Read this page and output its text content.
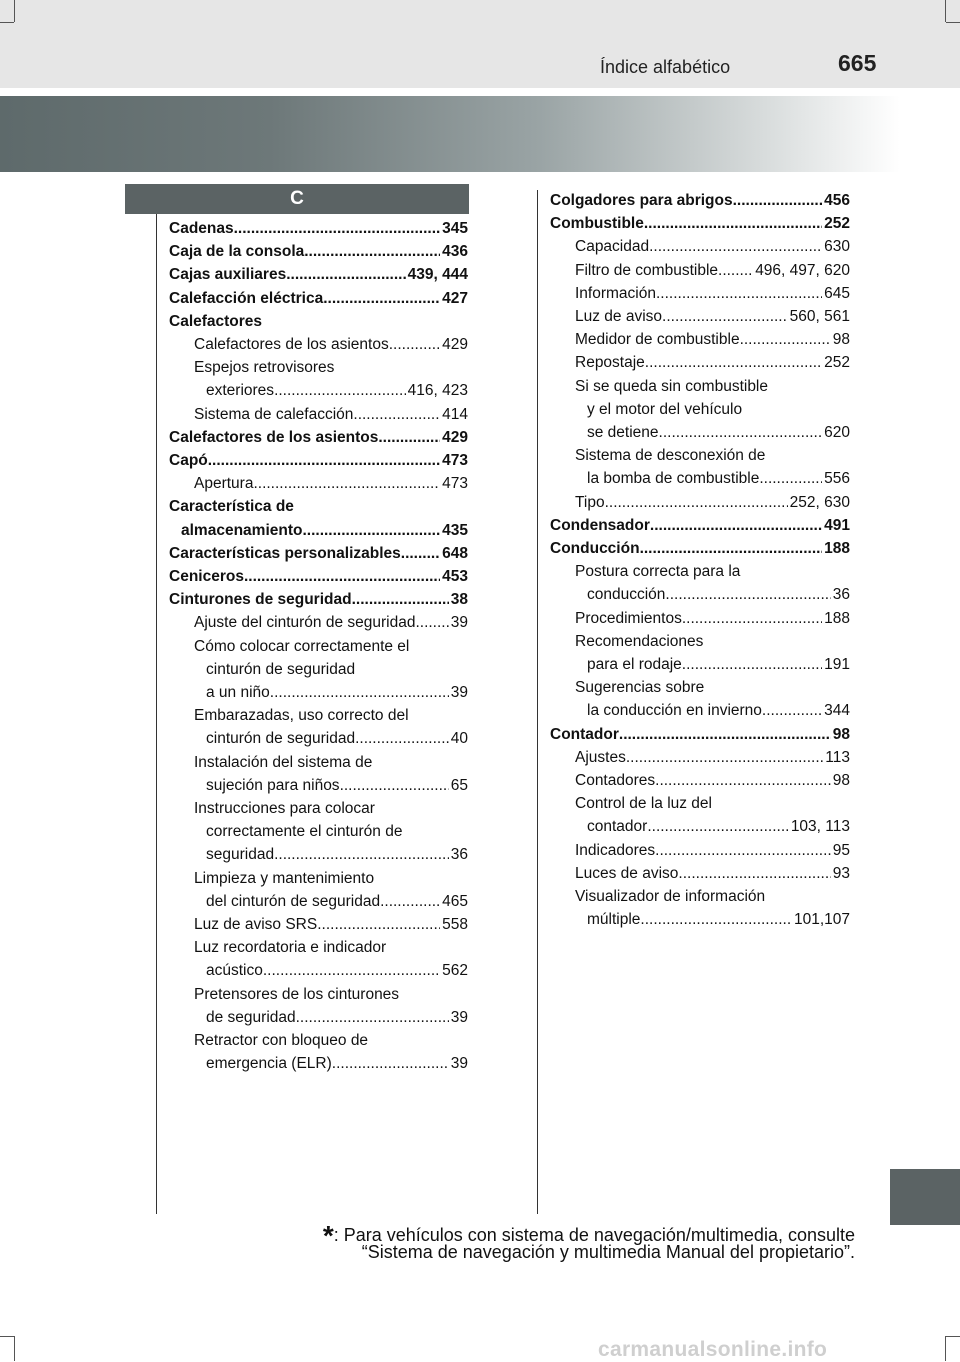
Índice alfabético	665
C
Cadenas .....	345
Caja de la consola .....	436
Cajas auxiliares .....	439, 444
Calefacción eléctrica .....	427
Calefactores
Calefactores de los asientos .....	429
Espejos retrovisores
exteriores .....	416, 423
Sistema de calefacción .....	414
Calefactores de los asientos .....	429
Capó .....	473
Apertura .....	473
Característica de
almacenamiento .....	435
Características personalizables .....	648
Ceniceros .....	453
Cinturones de seguridad .....	38
Ajuste del cinturón de seguridad ..... 39
Cómo colocar correctamente el
cinturón de seguridad
a un niño .....	39
Embarazadas, uso correcto del
cinturón de seguridad .....	40
Instalación del sistema de
sujeción para niños .....	65
Instrucciones para colocar
correctamente el cinturón de
seguridad .....	36
Limpieza y mantenimiento
del cinturón de seguridad .....	465
Luz de aviso SRS .....	558
Luz recordatoria e indicador
acústico .....	562
Pretensores de los cinturones
de seguridad .....	39
Retractor con bloqueo de
emergencia (ELR) .....	39
Colgadores para abrigos .....	456
Combustible .....	252
Capacidad .....	630
Filtro de combustible ..... 496, 497, 620
Información .....	645
Luz de aviso .....	560, 561
Medidor de combustible .....	98
Repostaje .....	252
Si se queda sin combustible
y el motor del vehículo
se detiene .....	620
Sistema de desconexión de
la bomba de combustible .....	556
Tipo .....	252, 630
Condensador .....	491
Conducción .....	188
Postura correcta para la
conducción .....	36
Procedimientos .....	188
Recomendaciones
para el rodaje .....	191
Sugerencias sobre
la conducción en invierno .....	344
Contador .....	98
Ajustes .....	113
Contadores .....	98
Control de la luz del
contador .....	103, 113
Indicadores .....	95
Luces de aviso .....	93
Visualizador de información
múltiple .....	101,107
*: Para vehículos con sistema de navegación/multimedia, consulte
“Sistema de navegación y multimedia Manual del propietario”.
carmanualsonline.info
